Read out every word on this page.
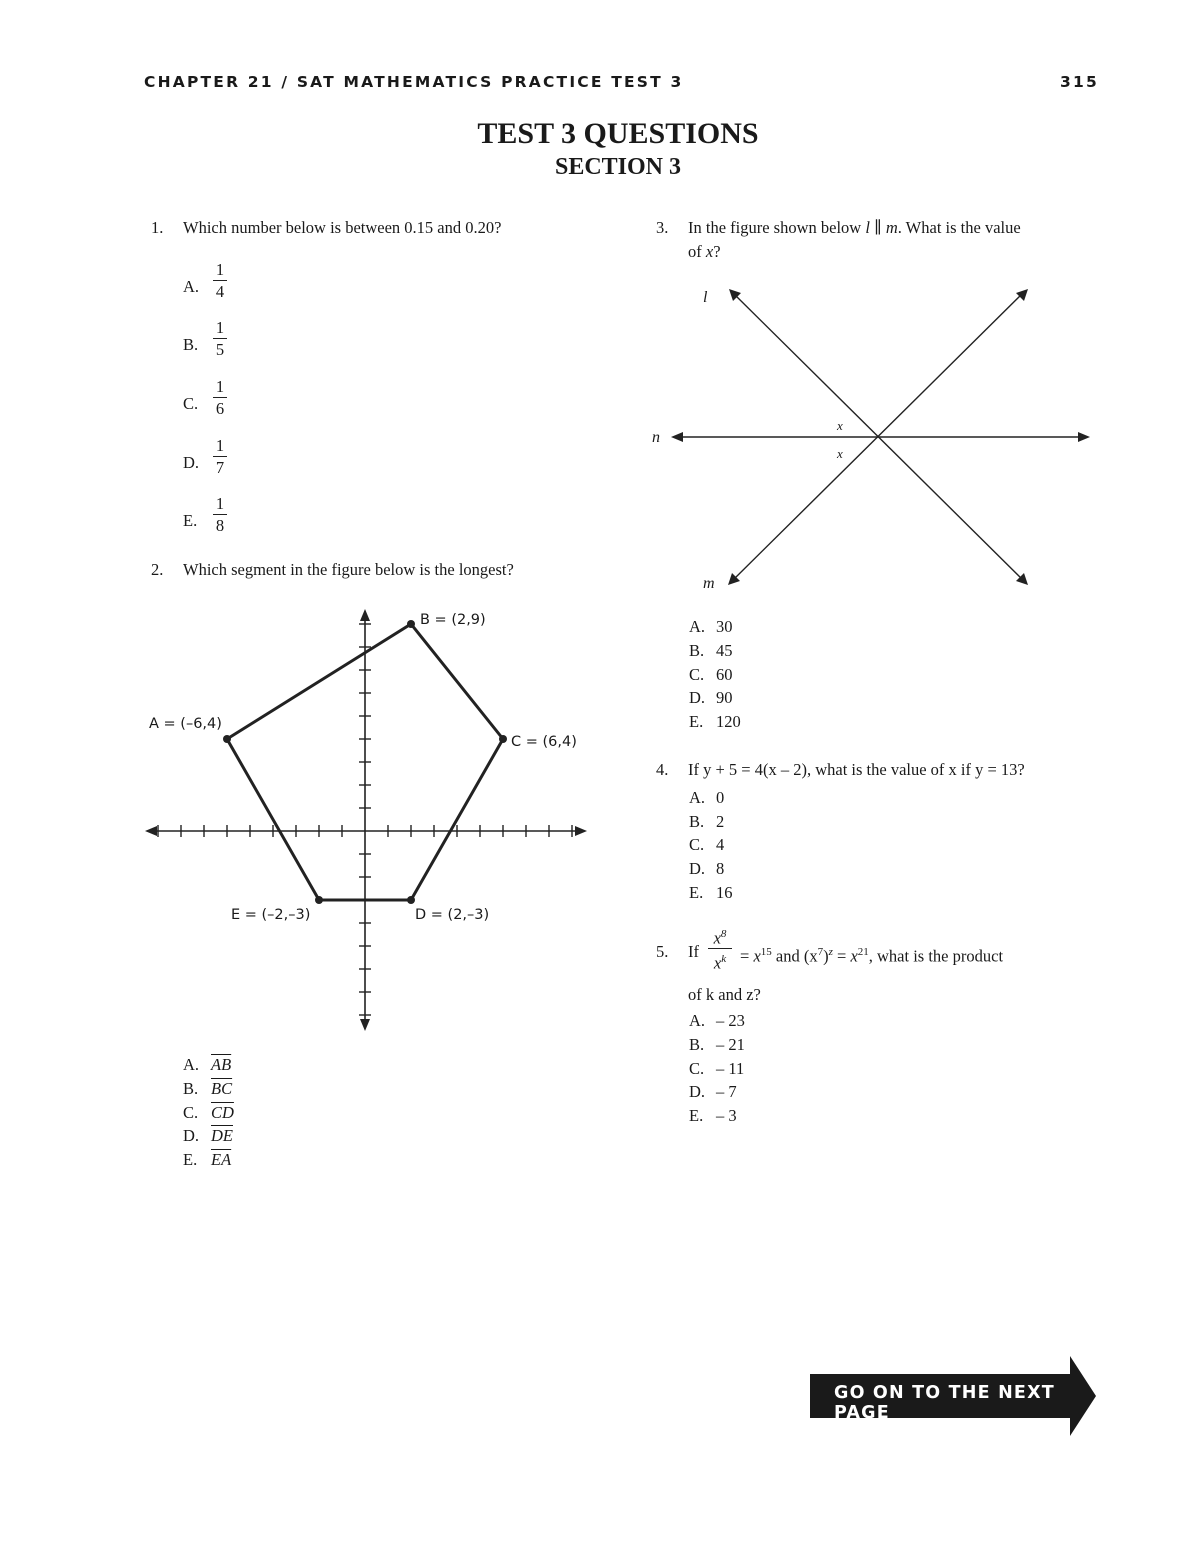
CHAPTER 21 / SAT MATHEMATICS PRACTICE TEST 3	315
TEST 3 QUESTIONS
SECTION 3
1. Which number below is between 0.15 and 0.20?
A.
1
4
B.
1
5
C.
1
6
D.
1
7
E.
1
8
2. Which segment in the figure below is the longest?
A = (–6,4)
B = (2,9)
C = (6,4)
D = (2,–3)
E = (–2,–3)
A. $\overline{AB}$
B. $\overline{BC}$
C. $\overline{CD}$
D. $\overline{DE}$
E. $\overline{EA}$
3. In the figure shown below l ∥ m. What is the value
of x?
l
m
n
x
x
A. 30
B. 45
C. 60
D. 90
E. 120
4. If y + 5 = 4(x – 2), what is the value of x if y = 13?
A. 0
B. 2
C. 4
D. 8
E. 16
5. If
$x^8$
$x^k = x^{15}$ and $(x^7)^z = x^{21}$, what is the product
of k and z?
A. – 23
B. – 21
C. – 11
D. – 7
E. – 3
GO ON TO THE NEXT PAGE
